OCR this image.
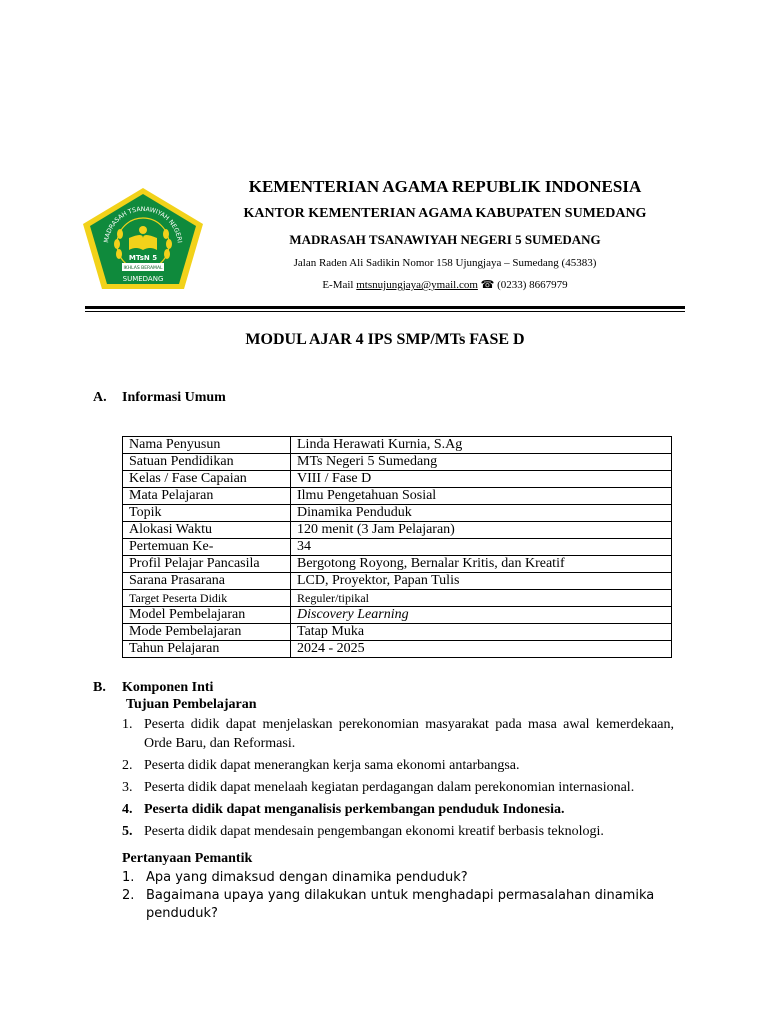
MADRASAH TSANAWIYAH NEGERI
MTsN 5
IKHLAS BERAMAL
SUMEDANG
KEMENTERIAN AGAMA REPUBLIK INDONESIA
KANTOR KEMENTERIAN AGAMA KABUPATEN SUMEDANG
MADRASAH TSANAWIYAH NEGERI 5 SUMEDANG
Jalan Raden Ali Sadikin Nomor 158 Ujungjaya – Sumedang (45383)
E-Mail mtsnujungjaya@ymail.com ☎ (0233) 8667979
MODUL AJAR 4 IPS SMP/MTs FASE D
A. Informasi Umum
Nama Penyusun	Linda Herawati Kurnia, S.Ag
Satuan Pendidikan	MTs Negeri 5 Sumedang
Kelas / Fase Capaian	VIII / Fase D
Mata Pelajaran	Ilmu Pengetahuan Sosial
Topik	Dinamika Penduduk
Alokasi Waktu	120 menit (3 Jam Pelajaran)
Pertemuan Ke-	34
Profil Pelajar Pancasila	Bergotong Royong, Bernalar Kritis, dan Kreatif
Sarana Prasarana	LCD, Proyektor, Papan Tulis
Target Peserta Didik	Reguler/tipikal
Model Pembelajaran	Discovery Learning
Mode Pembelajaran	Tatap Muka
Tahun Pelajaran	2024 - 2025
B. Komponen Inti
Tujuan Pembelajaran
1. Peserta didik dapat menjelaskan perekonomian masyarakat pada masa awal kemerdekaan, Orde Baru, dan Reformasi.
2. Peserta didik dapat menerangkan kerja sama ekonomi antarbangsa.
3. Peserta didik dapat menelaah kegiatan perdagangan dalam perekonomian internasional.
4. Peserta didik dapat menganalisis perkembangan penduduk Indonesia.
5. Peserta didik dapat mendesain pengembangan ekonomi kreatif berbasis teknologi.
Pertanyaan Pemantik
1. Apa yang dimaksud dengan dinamika penduduk?
2. Bagaimana upaya yang dilakukan untuk menghadapi permasalahan dinamika penduduk?
